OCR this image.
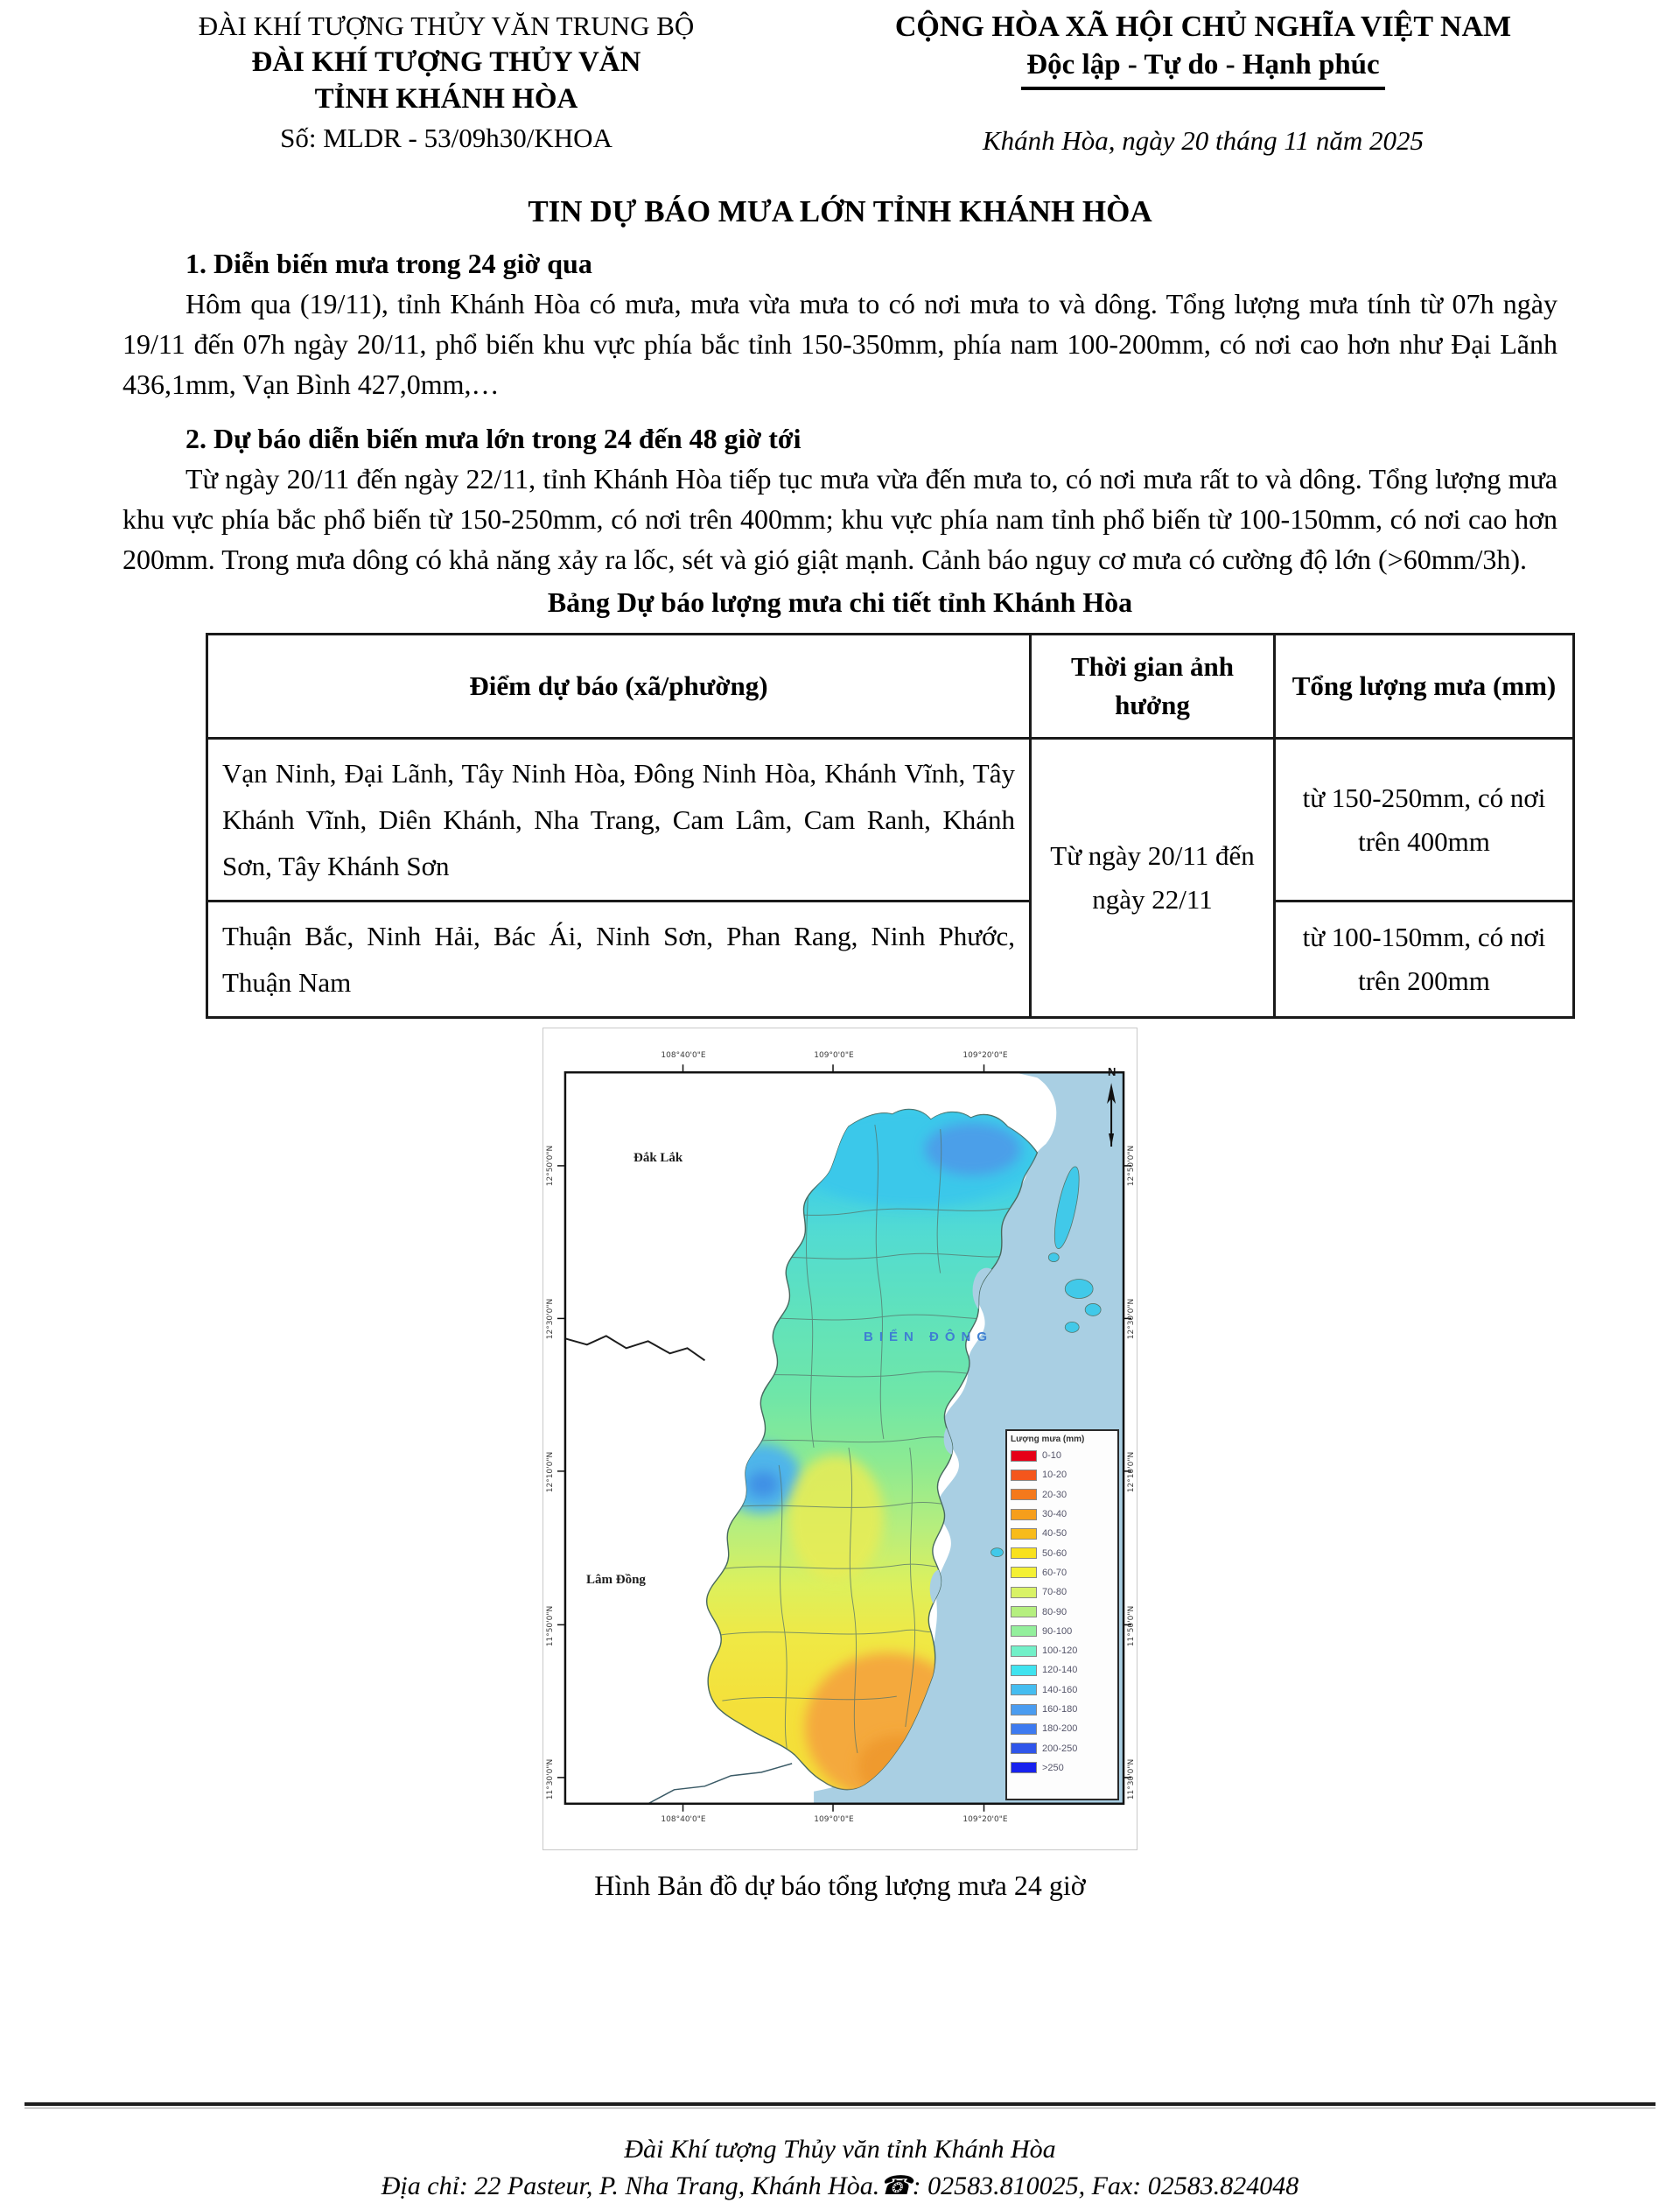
ĐÀI KHÍ TƯỢNG THỦY VĂN TRUNG BỘ
ĐÀI KHÍ TƯỢNG THỦY VĂN
TỈNH KHÁNH HÒA
Số: MLDR - 53/09h30/KHOA
CỘNG HÒA XÃ HỘI CHỦ NGHĨA VIỆT NAM
Độc lập - Tự do - Hạnh phúc
Khánh Hòa, ngày 20 tháng 11 năm 2025
TIN DỰ BÁO MƯA LỚN TỈNH KHÁNH HÒA
1. Diễn biến mưa trong 24 giờ qua
Hôm qua (19/11), tỉnh Khánh Hòa có mưa, mưa vừa mưa to có nơi mưa to và dông. Tổng lượng mưa tính từ 07h ngày 19/11 đến 07h ngày 20/11, phổ biến khu vực phía bắc tỉnh 150-350mm, phía nam 100-200mm, có nơi cao hơn như Đại Lãnh 436,1mm, Vạn Bình 427,0mm,…
2. Dự báo diễn biến mưa lớn trong 24 đến 48 giờ tới
Từ ngày 20/11 đến ngày 22/11, tỉnh Khánh Hòa tiếp tục mưa vừa đến mưa to, có nơi mưa rất to và dông. Tổng lượng mưa khu vực phía bắc phổ biến từ 150-250mm, có nơi trên 400mm; khu vực phía nam tỉnh phổ biến từ 100-150mm, có nơi cao hơn 200mm. Trong mưa dông có khả năng xảy ra lốc, sét và gió giật mạnh. Cảnh báo nguy cơ mưa có cường độ lớn (>60mm/3h).
Bảng Dự báo lượng mưa chi tiết tỉnh Khánh Hòa
Điểm dự báo (xã/phường)	Thời gian ảnh hưởng	Tổng lượng mưa (mm)
Vạn Ninh, Đại Lãnh, Tây Ninh Hòa, Đông Ninh Hòa, Khánh Vĩnh, Tây Khánh Vĩnh, Diên Khánh, Nha Trang, Cam Lâm, Cam Ranh, Khánh Sơn, Tây Khánh Sơn	Từ ngày 20/11 đến ngày 22/11	từ 150-250mm, có nơi trên 400mm
Thuận Bắc, Ninh Hải, Bác Ái, Ninh Sơn, Phan Rang, Ninh Phước, Thuận Nam		từ 100-150mm, có nơi trên 200mm
Đắk Lắk
Lâm Đồng
BIỂN ĐÔNG
N
Lượng mưa (mm)
0-10
10-20
20-30
30-40
40-50
50-60
60-70
70-80
80-90
90-100
100-120
120-140
140-160
160-180
180-200
200-250
>250
108°40'0"E
108°40'0"E
109°0'0"E
109°0'0"E
109°20'0"E
109°20'0"E
12°50'0"N	12°50'0"N
12°30'0"N	12°30'0"N
12°10'0"N	12°10'0"N
11°50'0"N	11°50'0"N
11°30'0"N	11°30'0"N
Hình Bản đồ dự báo tổng lượng mưa 24 giờ
Đài Khí tượng Thủy văn tỉnh Khánh Hòa
Địa chỉ: 22 Pasteur, P. Nha Trang, Khánh Hòa.☎: 02583.810025, Fax: 02583.824048
